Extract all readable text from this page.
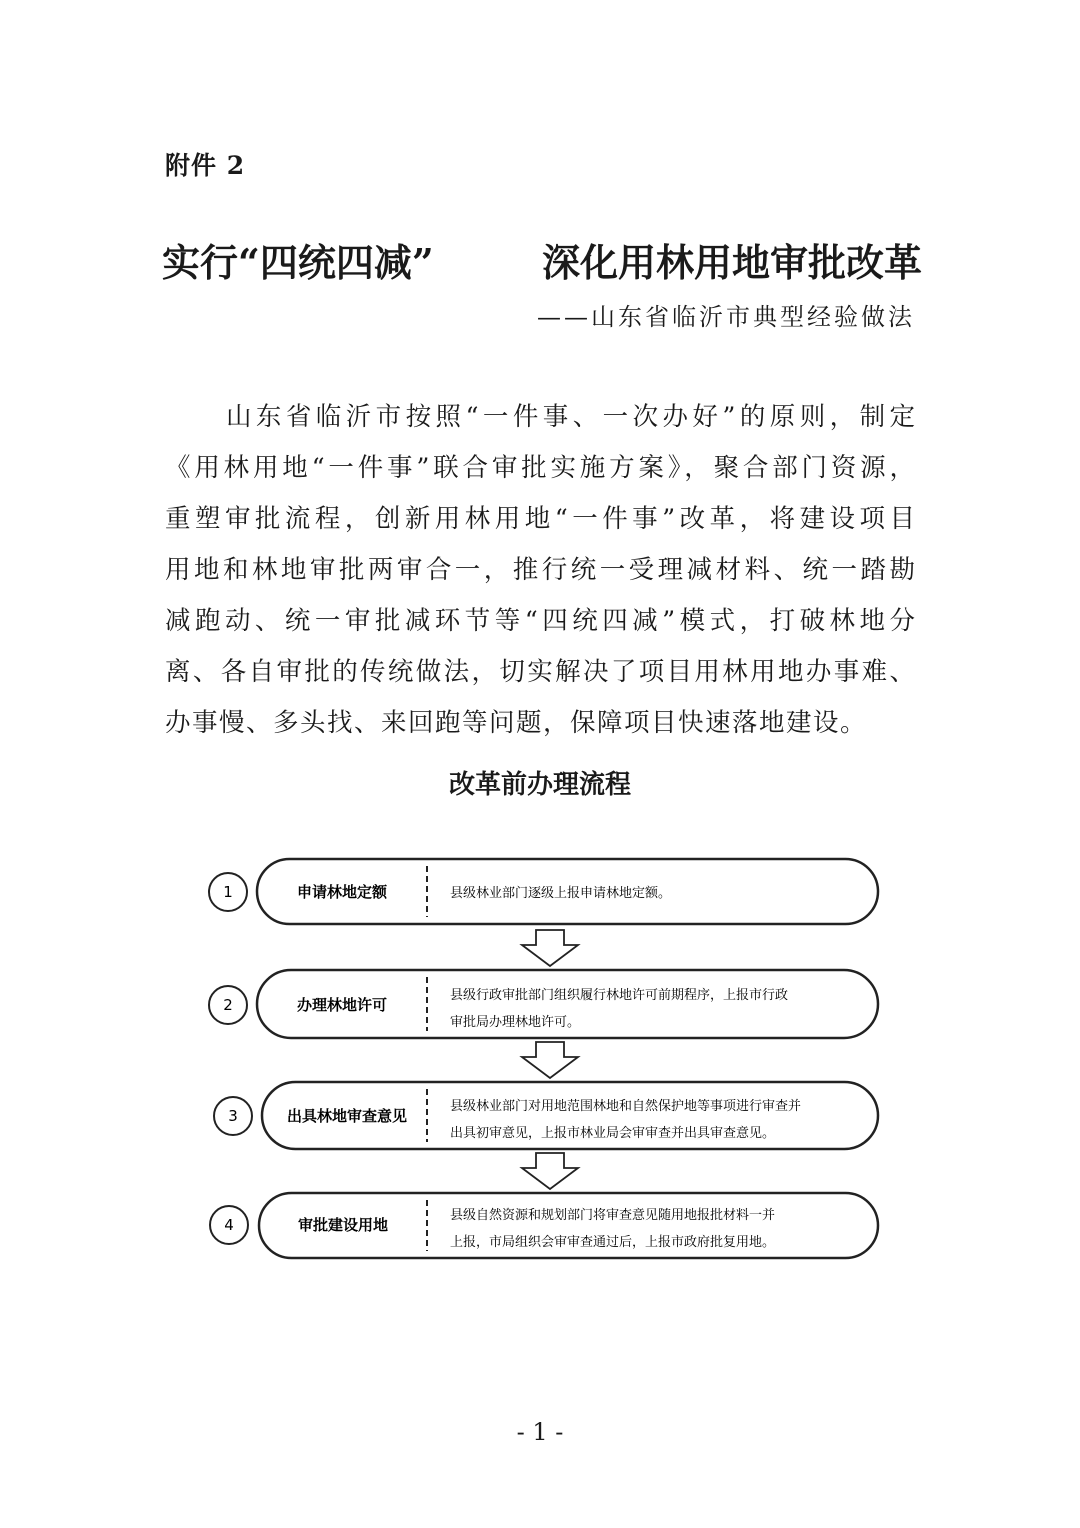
附件 2
实行“四统四减”	深化用林用地审批改革
——山东省临沂市典型经验做法
山东省临沂市按照“一件事、一次办好”的原则，制定
《用林用地“一件事”联合审批实施方案》，聚合部门资源，
重塑审批流程，创新用林用地“一件事”改革，将建设项目
用地和林地审批两审合一，推行统一受理减材料、统一踏勘
减跑动、统一审批减环节等“四统四减”模式，打破林地分
离、各自审批的传统做法，切实解决了项目用林用地办事难、
办事慢、多头找、来回跑等问题，保障项目快速落地建设。
改革前办理流程
1	申请林地定额	县级林业部门逐级上报申请林地定额。
2	办理林地许可
县级行政审批部门组织履行林地许可前期程序，上报市行政
审批局办理林地许可。
3	出具林地审查意见
县级林业部门对用地范围林地和自然保护地等事项进行审查并
出具初审意见，上报市林业局会审审查并出具审查意见。
4	审批建设用地
县级自然资源和规划部门将审查意见随用地报批材料一并
上报，市局组织会审审查通过后，上报市政府批复用地。
- 1 -
